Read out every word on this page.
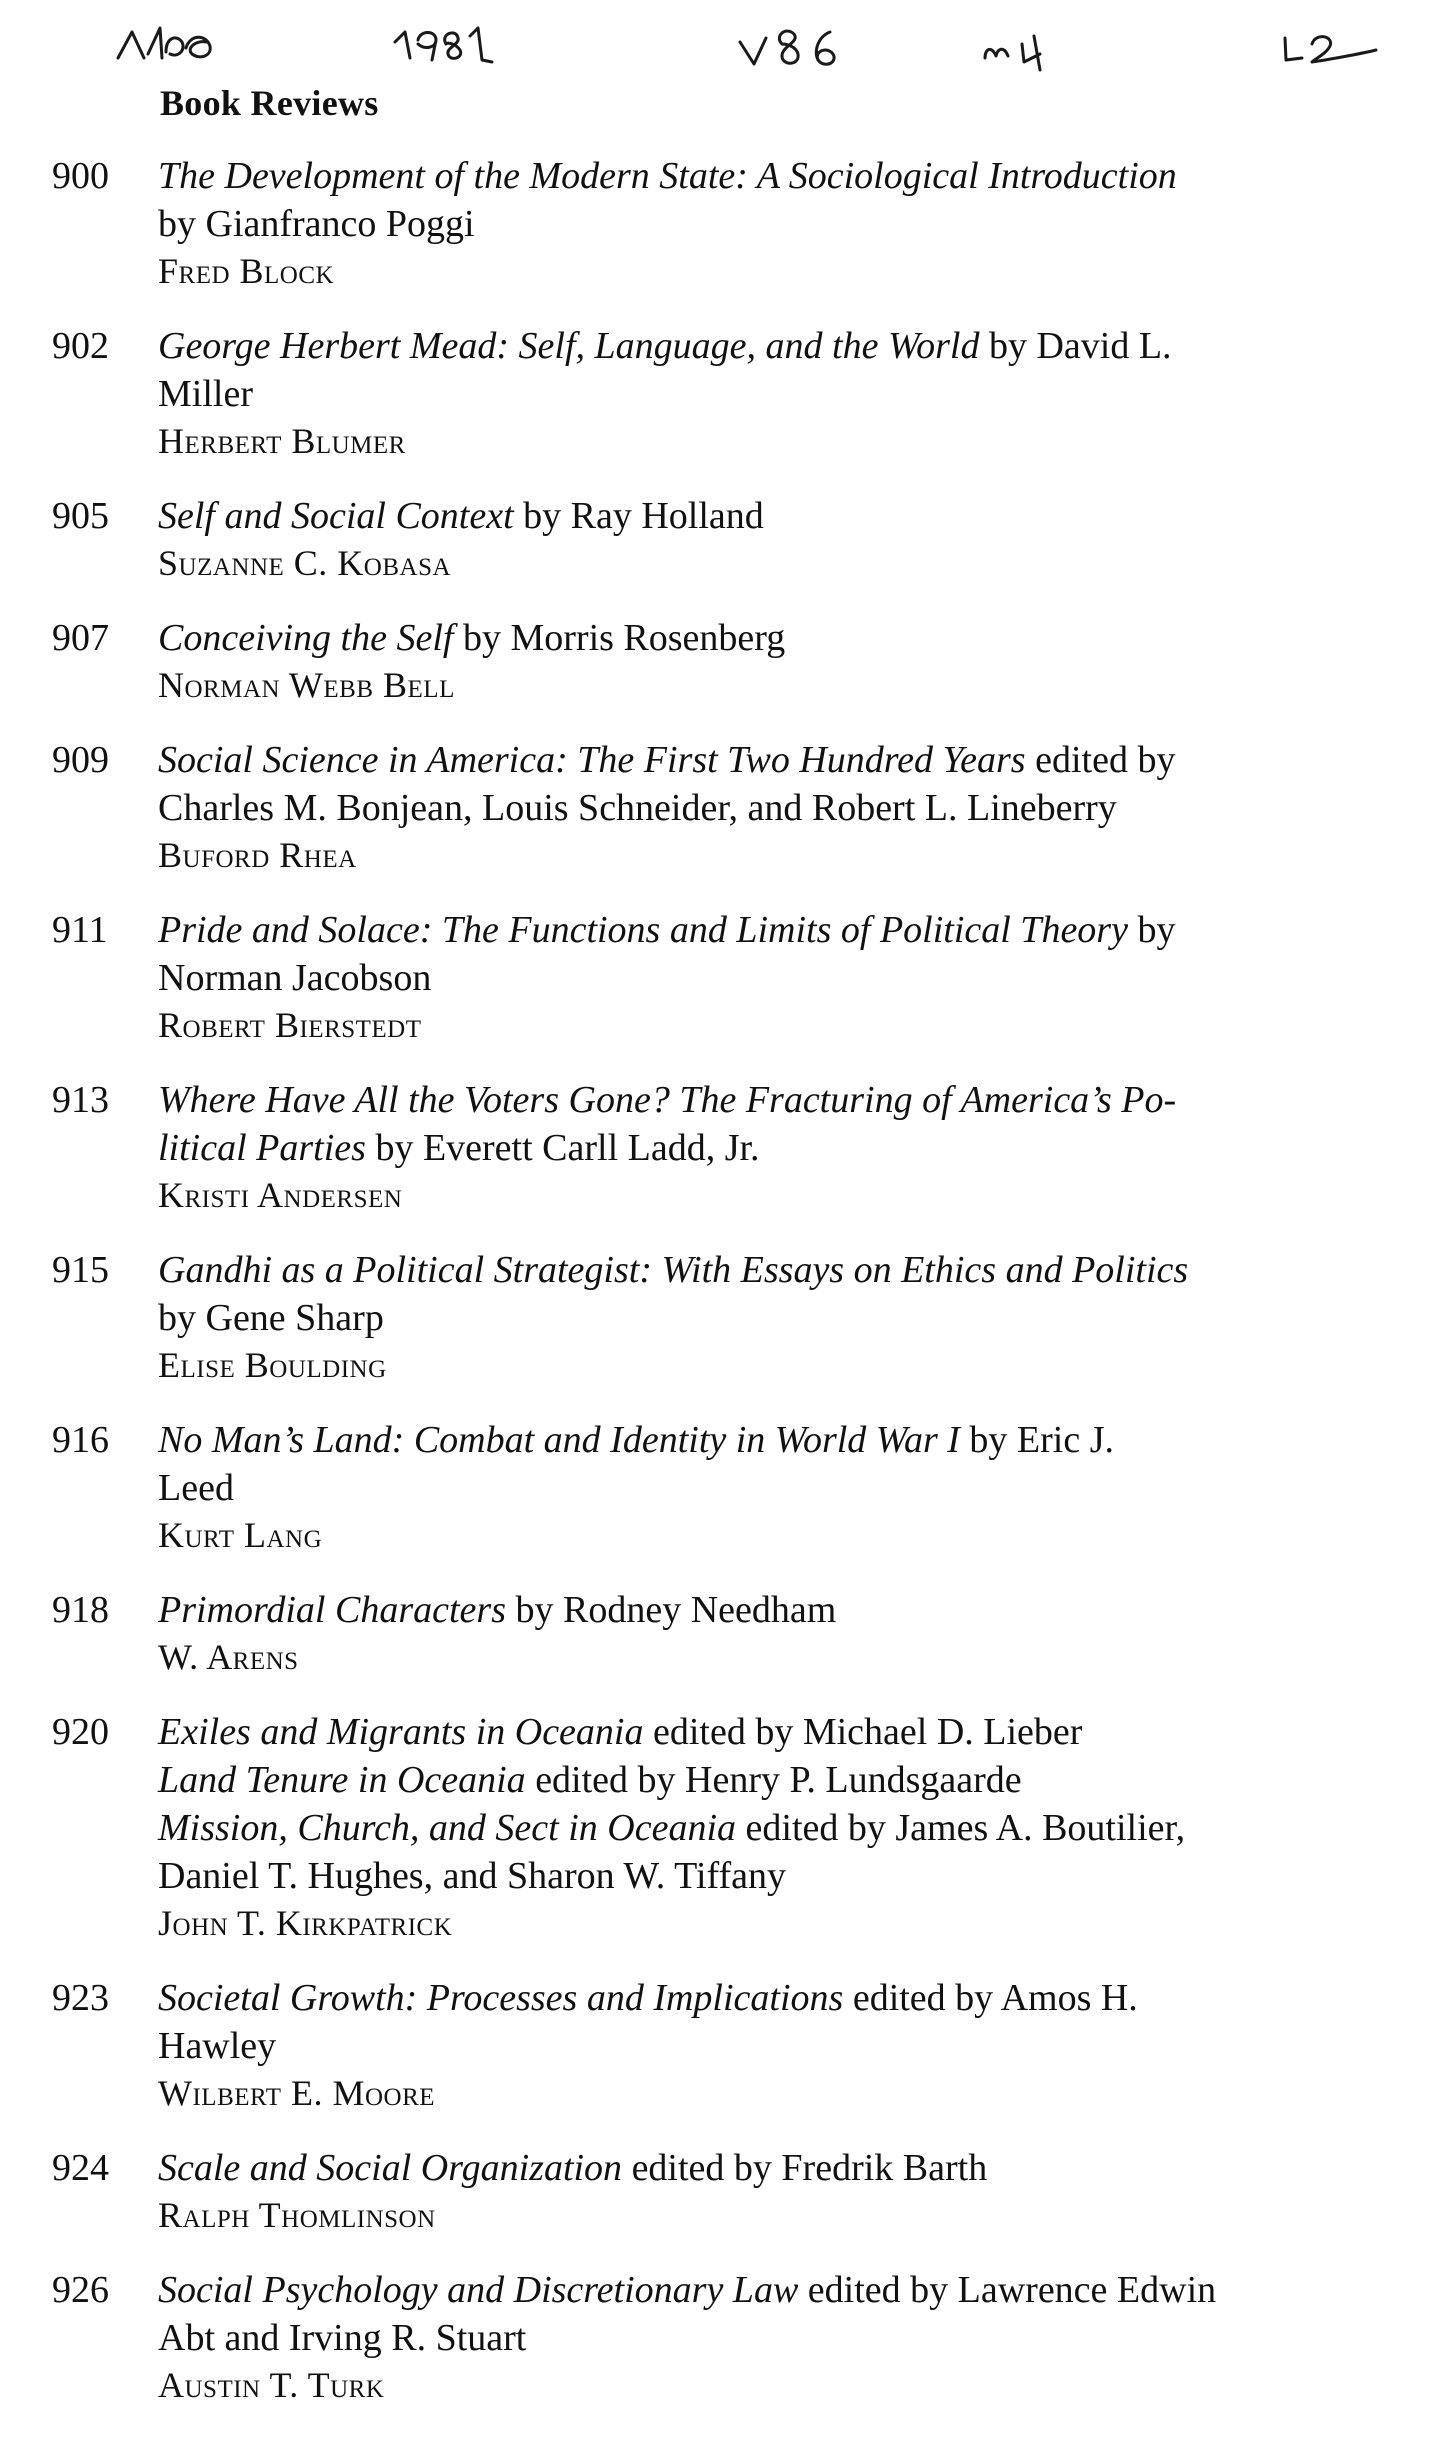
Book Reviews
900	The Development of the Modern State: A Sociological Introduction
by Gianfranco Poggi
Fred Block
902	George Herbert Mead: Self, Language, and the World by David L.
Miller
Herbert Blumer
905	Self and Social Context by Ray Holland
Suzanne C. Kobasa
907	Conceiving the Self by Morris Rosenberg
Norman Webb Bell
909	Social Science in America: The First Two Hundred Years edited by
Charles M. Bonjean, Louis Schneider, and Robert L. Lineberry
Buford Rhea
911	Pride and Solace: The Functions and Limits of Political Theory by
Norman Jacobson
Robert Bierstedt
913	Where Have All the Voters Gone? The Fracturing of America’s Po-
litical Parties by Everett Carll Ladd, Jr.
Kristi Andersen
915	Gandhi as a Political Strategist: With Essays on Ethics and Politics
by Gene Sharp
Elise Boulding
916	No Man’s Land: Combat and Identity in World War I by Eric J.
Leed
Kurt Lang
918	Primordial Characters by Rodney Needham
W. Arens
920	Exiles and Migrants in Oceania edited by Michael D. Lieber
Land Tenure in Oceania edited by Henry P. Lundsgaarde
Mission, Church, and Sect in Oceania edited by James A. Boutilier,
Daniel T. Hughes, and Sharon W. Tiffany
John T. Kirkpatrick
923	Societal Growth: Processes and Implications edited by Amos H.
Hawley
Wilbert E. Moore
924	Scale and Social Organization edited by Fredrik Barth
Ralph Thomlinson
926	Social Psychology and Discretionary Law edited by Lawrence Edwin
Abt and Irving R. Stuart
Austin T. Turk
